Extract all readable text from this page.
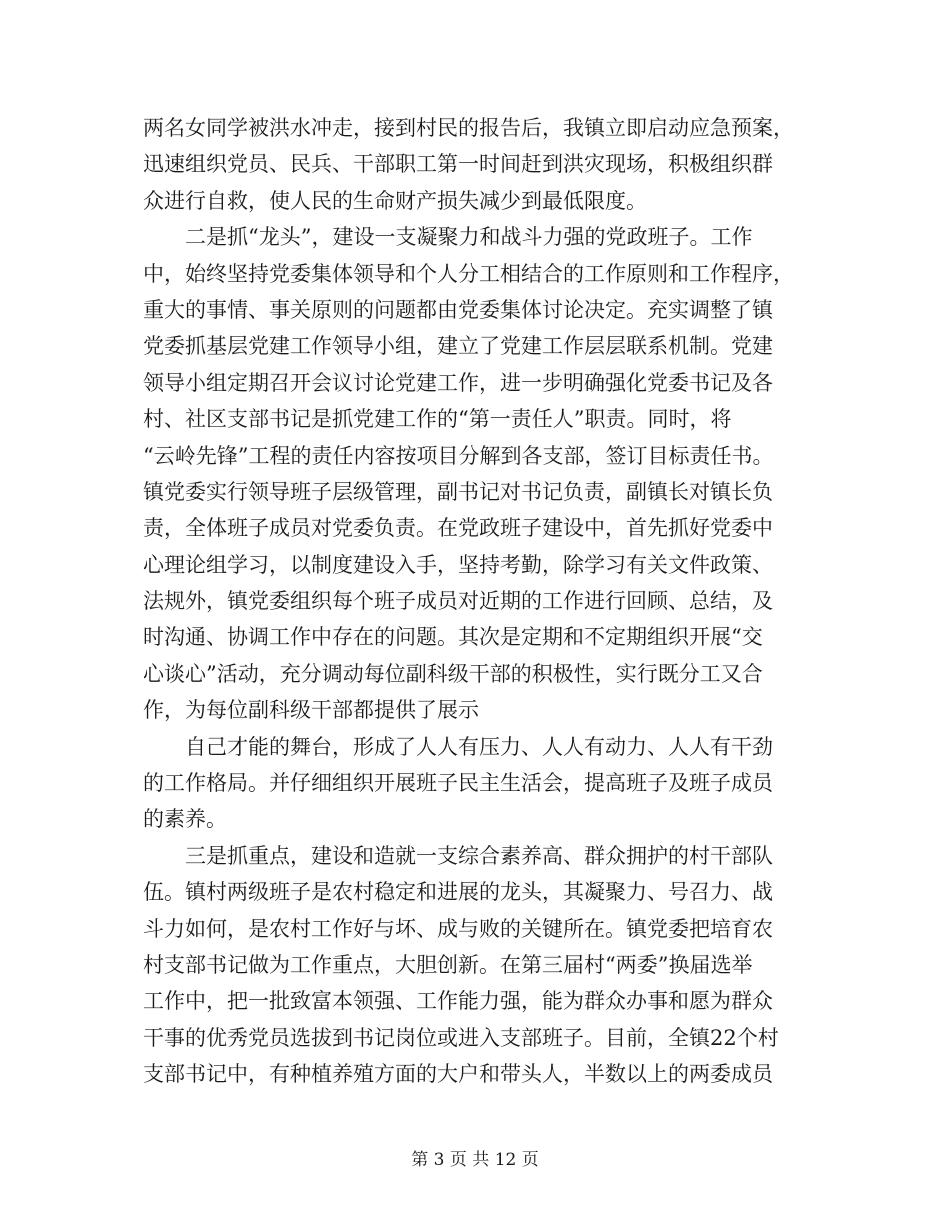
两名女同学被洪水冲走，接到村民的报告后，我镇立即启动应急预案，
迅速组织党员、民兵、干部职工第一时间赶到洪灾现场，积极组织群
众进行自救，使人民的生命财产损失减少到最低限度。
　　二是抓“龙头”，建设一支凝聚力和战斗力强的党政班子。工作
中，始终坚持党委集体领导和个人分工相结合的工作原则和工作程序，
重大的事情、事关原则的问题都由党委集体讨论决定。充实调整了镇
党委抓基层党建工作领导小组，建立了党建工作层层联系机制。党建
领导小组定期召开会议讨论党建工作，进一步明确强化党委书记及各
村、社区支部书记是抓党建工作的“第一责任人”职责。同时，将
“云岭先锋”工程的责任内容按项目分解到各支部，签订目标责任书。
镇党委实行领导班子层级管理，副书记对书记负责，副镇长对镇长负
责，全体班子成员对党委负责。在党政班子建设中，首先抓好党委中
心理论组学习，以制度建设入手，坚持考勤，除学习有关文件政策、
法规外，镇党委组织每个班子成员对近期的工作进行回顾、总结，及
时沟通、协调工作中存在的问题。其次是定期和不定期组织开展“交
心谈心”活动，充分调动每位副科级干部的积极性，实行既分工又合
作，为每位副科级干部都提供了展示
　　自己才能的舞台，形成了人人有压力、人人有动力、人人有干劲
的工作格局。并仔细组织开展班子民主生活会，提高班子及班子成员
的素养。
　　三是抓重点，建设和造就一支综合素养高、群众拥护的村干部队
伍。镇村两级班子是农村稳定和进展的龙头，其凝聚力、号召力、战
斗力如何，是农村工作好与坏、成与败的关键所在。镇党委把培育农
村支部书记做为工作重点，大胆创新。在第三届村“两委”换届选举
工作中，把一批致富本领强、工作能力强，能为群众办事和愿为群众
干事的优秀党员选拔到书记岗位或进入支部班子。目前，全镇22个村
支部书记中，有种植养殖方面的大户和带头人，半数以上的两委成员
第 3 页 共 12 页
